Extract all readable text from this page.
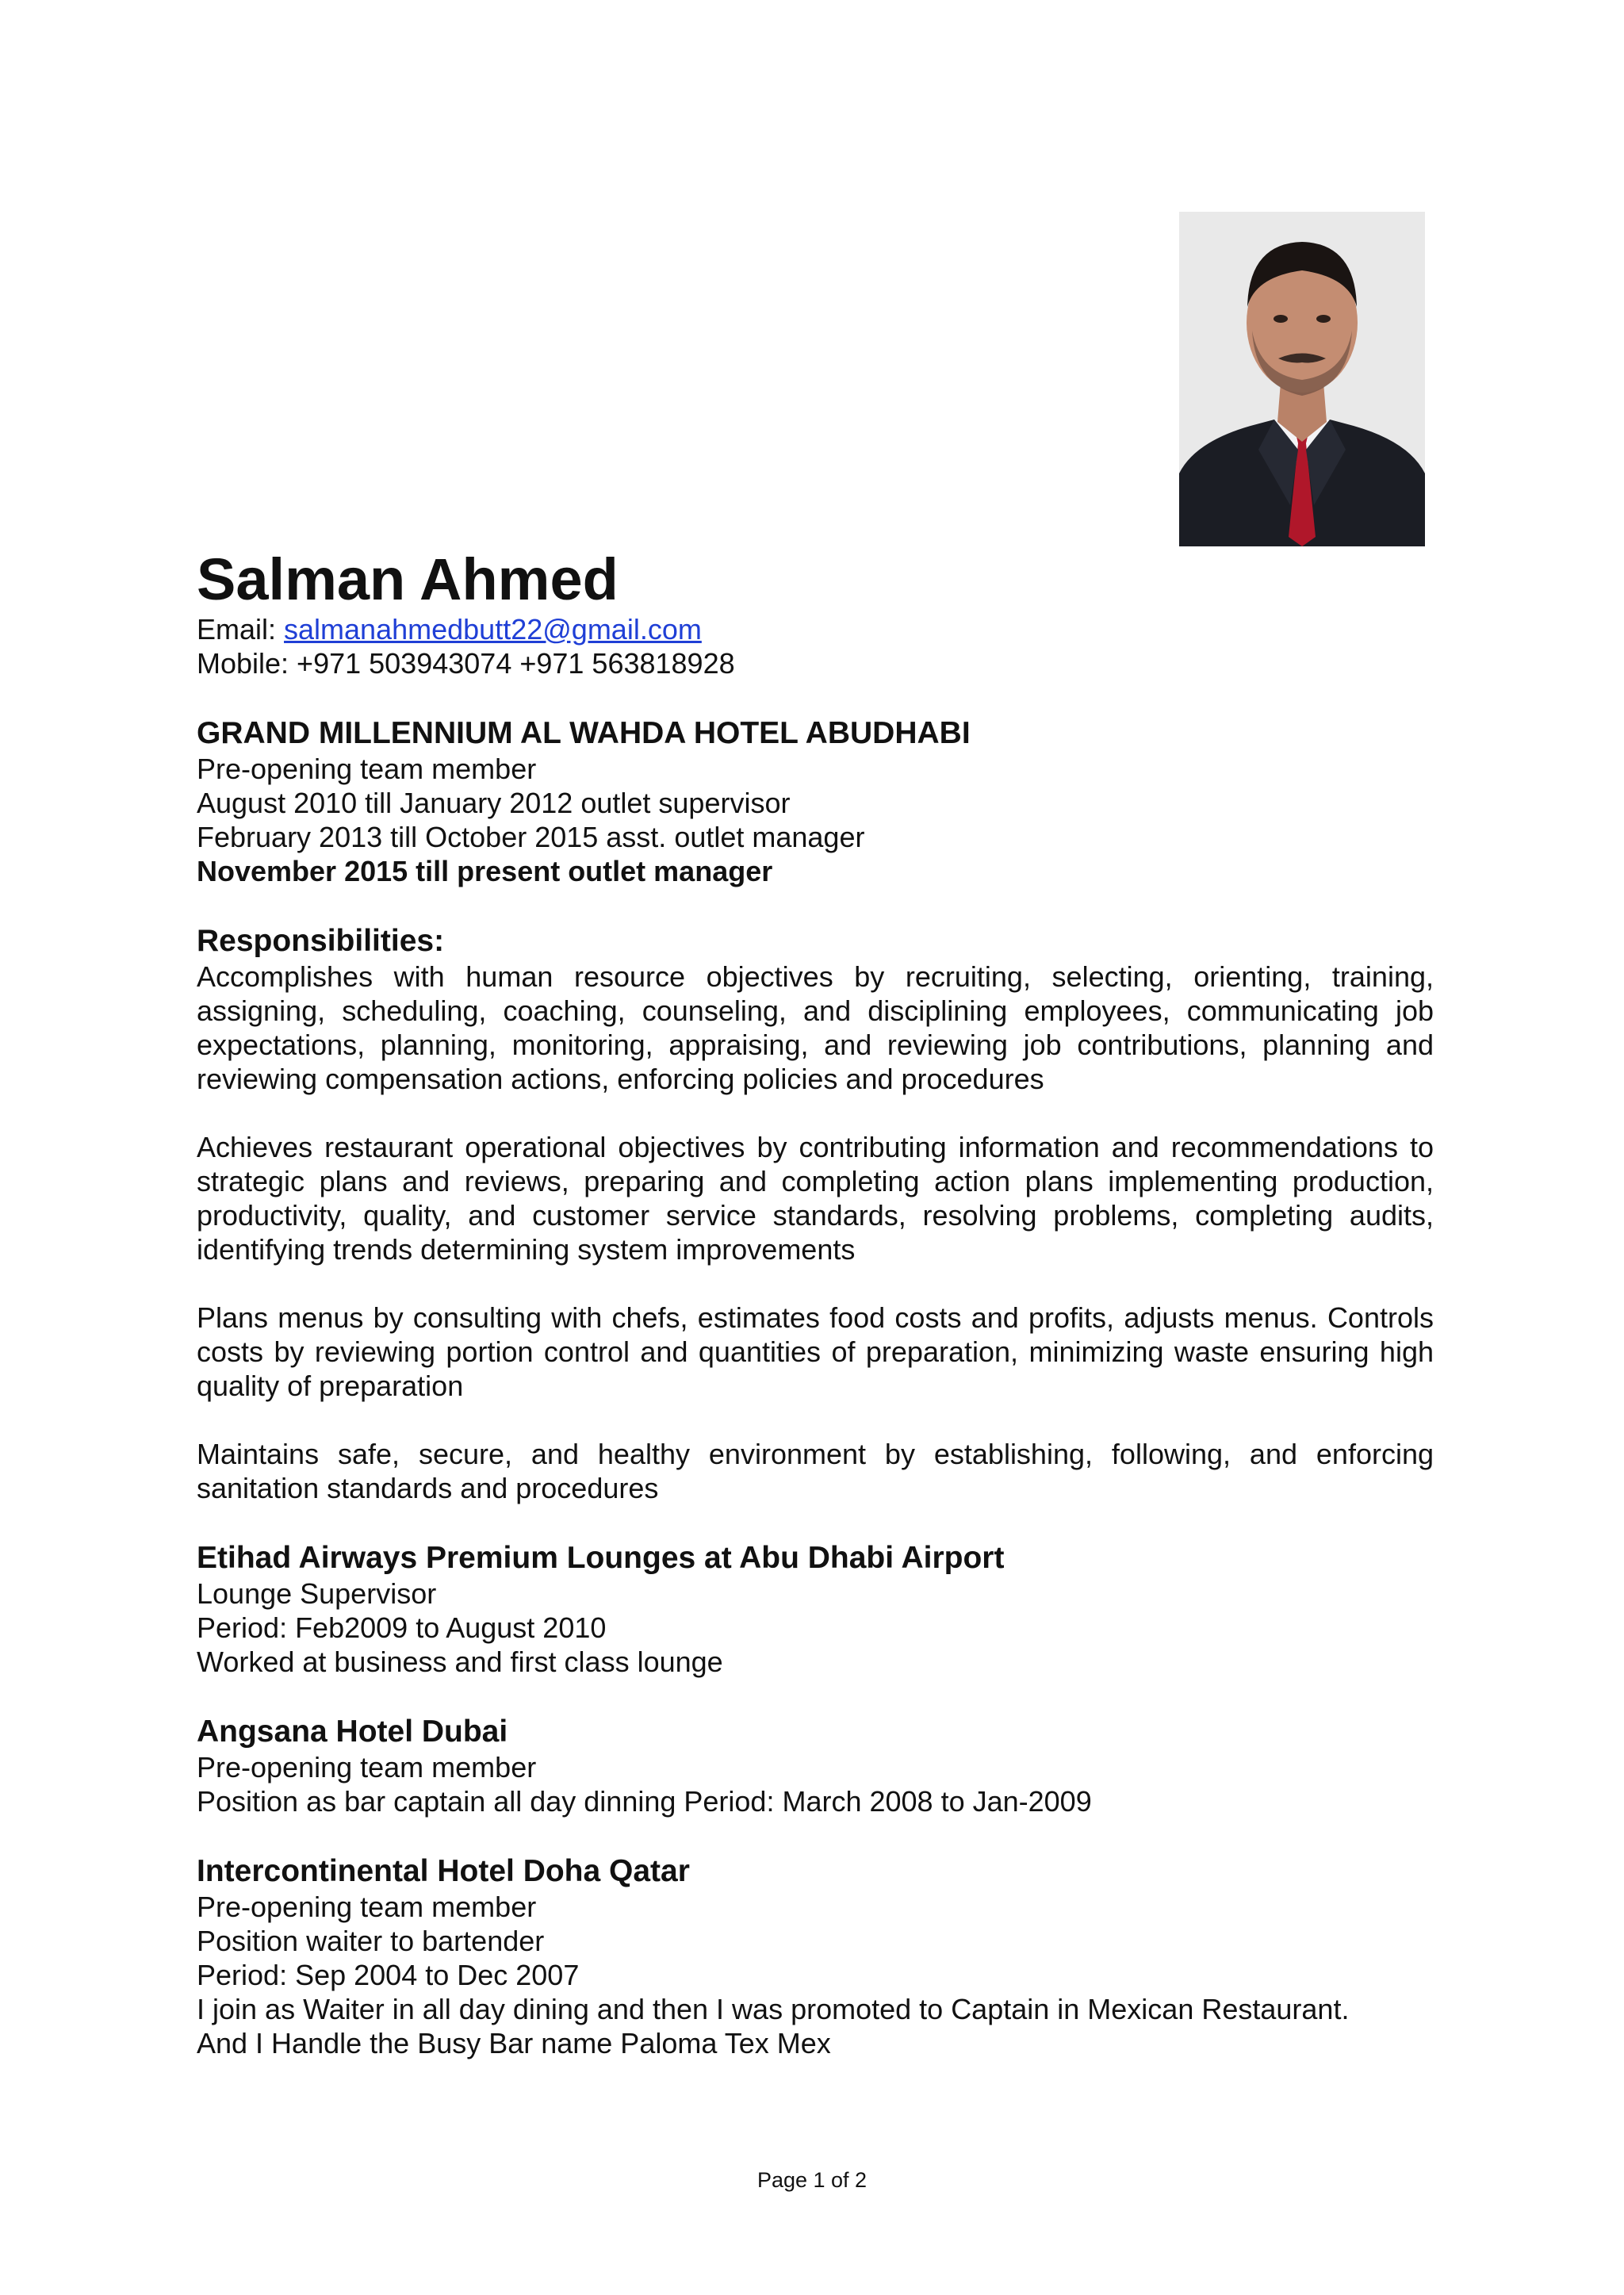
Salman Ahmed

Email: salmanahmedbutt22@gmail.com

Mobile: +971 503943074 +971 563818928

GRAND MILLENNIUM AL WAHDA HOTEL ABUDHABI

Pre-opening team member

August 2010 till January 2012 outlet supervisor

February 2013 till October 2015 asst. outlet manager

November 2015 till present outlet manager

Responsibilities:

Accomplishes with human resource objectives by recruiting, selecting, orienting, training, assigning, scheduling, coaching, counseling, and disciplining employees, communicating job expectations, planning, monitoring, appraising, and reviewing job contributions, planning and reviewing compensation actions, enforcing policies and procedures

Achieves restaurant operational objectives by contributing information and recommendations to strategic plans and reviews, preparing and completing action plans implementing production, productivity, quality, and customer service standards, resolving problems, completing audits, identifying trends determining system improvements

Plans menus by consulting with chefs, estimates food costs and profits, adjusts menus. Controls costs by reviewing portion control and quantities of preparation, minimizing waste ensuring high quality of preparation

Maintains safe, secure, and healthy environment by establishing, following, and enforcing sanitation standards and procedures

Etihad Airways Premium Lounges at Abu Dhabi Airport

Lounge Supervisor

Period: Feb2009 to August 2010

Worked at business and first class lounge

Angsana Hotel Dubai

Pre-opening team member

Position as bar captain all day dinning Period: March 2008 to Jan-2009

Intercontinental Hotel Doha Qatar

Pre-opening team member

Position waiter to bartender

Period: Sep 2004 to Dec 2007

I join as Waiter in all day dining and then I was promoted to Captain in Mexican Restaurant.

And I Handle the Busy Bar name Paloma Tex Mex

Page 1 of 2
